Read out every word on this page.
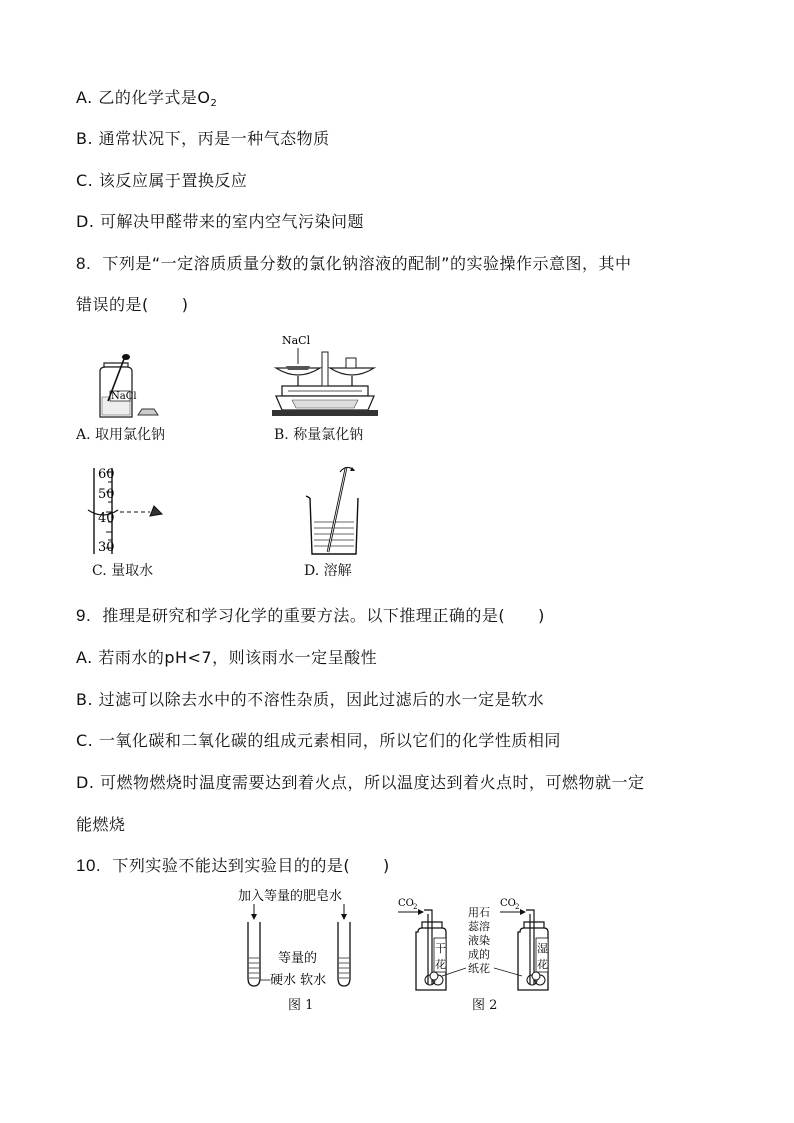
A. 乙的化学式是$O_2$
B. 通常状况下，丙是一种气态物质
C. 该反应属于置换反应
D. 可解决甲醛带来的室内空气污染问题
8. 下列是“一定溶质质量分数的氯化钠溶液的配制”的实验操作示意图，其中
错误的是(　　)
NaCl
A. 取用氯化钠
NaCl
B. 称量氯化钠
60
50
40
30
C. 量取水	D. 溶解
9. 推理是研究和学习化学的重要方法。以下推理正确的是(　　)
A. 若雨水的pH<7，则该雨水一定呈酸性
B. 过滤可以除去水中的不溶性杂质，因此过滤后的水一定是软水
C. 一氧化碳和二氧化碳的组成元素相同，所以它们的化学性质相同
D. 可燃物燃烧时温度需要达到着火点，所以温度达到着火点时，可燃物就一定
能燃烧
10. 下列实验不能达到实验目的的是(　　)
加入等量的肥皂水
等量的
硬水 软水
图 1
CO 2
干
花
用石
蕊溶
液染
成的
纸花
CO 2
湿
花
图 2
